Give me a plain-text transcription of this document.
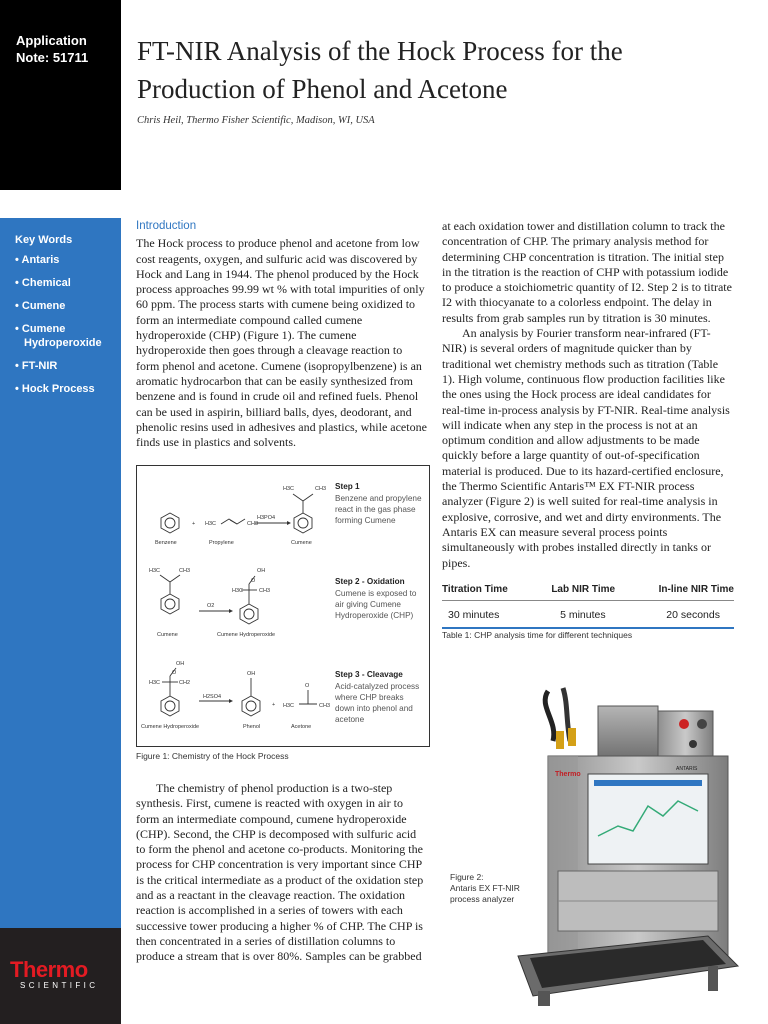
Application
Note: 51711
Key Words
• Antaris
• Chemical
• Cumene
• Cumene
Hydroperoxide
• FT-NIR
• Hock Process
Thermo
SCIENTIFIC
FT-NIR Analysis of the Hock Process for the
Production of Phenol and Acetone
Chris Heil, Thermo Fisher Scientific, Madison, WI, USA
Introduction

The Hock process to produce phenol and acetone from low cost reagents, oxygen, and sulfuric acid was discovered by Hock and Lang in 1944. The phenol produced by the Hock process approaches 99.99 wt % with total impurities of only 60 ppm. The process starts with cumene being oxidized to form an intermediate compound called cumene hydroperoxide (CHP) (Figure 1). The cumene hydroperoxide then goes through a cleavage reaction to form phenol and acetone. Cumene (isopropylbenzene) is an aromatic hydrocarbon that can be easily synthesized from benzene and is found in crude oil and refined fuels. Phenol can be used in aspirin, billiard balls, dyes, deodorant, and phenolic resins used in adhesives and plastics, while acetone finds use in plastics and solvents.

Benzene
+ H3C	CH3
Propylene
H3PO4
H3C	CH3
Cumene
H3C	CH3
Cumene
O2
OH
O
H3C	CH3
Cumene Hydroperoxide
OH
O
H3C	CH2
Cumene Hydroperoxide
H2SO4
OH
Phenol
+ H3C	CH3
O
Acetone
Step 1
Benzene and propylene
react in the gas phase
forming Cumene
Step 2 - Oxidation
Cumene is exposed to
air giving Cumene
Hydroperoxide (CHP)
Step 3 - Cleavage
Acid-catalyzed process
where CHP breaks
down into phenol and
acetone
Figure 1: Chemistry of the Hock Process

The chemistry of phenol production is a two-step synthesis. First, cumene is reacted with oxygen in air to form an intermediate compound, cumene hydroperoxide (CHP). Second, the CHP is decomposed with sulfuric acid to form the phenol and acetone co-products. Monitoring the process for CHP concentration is very important since CHP is the critical intermediate as a product of the oxidation step and as a reactant in the cleavage reaction. The oxidation reaction is accomplished in a series of towers with each successive tower producing a higher % of CHP. The CHP is then concentrated in a series of distillation columns to produce a stream that is over 80%. Samples can be grabbed

at each oxidation tower and distillation column to track the concentration of CHP. The primary analysis method for determining CHP concentration is titration. The initial step in the titration is the reaction of CHP with potassium iodide to produce a stoichiometric quantity of I2. Step 2 is to titrate I2 with thiocyanate to a colorless endpoint. The delay in results from grab samples run by titration is 30 minutes.

An analysis by Fourier transform near-infrared (FT-NIR) is several orders of magnitude quicker than by traditional wet chemistry methods such as titration (Table 1). High volume, continuous flow production facilities like the ones using the Hock process are ideal candidates for real-time in-process analysis by FT-NIR. Real-time analysis will indicate when any step in the process is not at an optimum condition and allow adjustments to be made quickly before a large quantity of out-of-specification material is produced. Due to its hazard-certified enclosure, the Thermo Scientific Antaris™ EX FT-NIR process analyzer (Figure 2) is well suited for real-time analysis in explosive, corrosive, and wet and dirty environments. The Antaris EX can measure several process points simultaneously with probes installed directly in tanks or pipes.

Titration Time	Lab NIR Time	In-line NIR Time
30 minutes	5 minutes	20 seconds
Table 1: CHP analysis time for different techniques
Figure 2:
Antaris EX FT-NIR
process analyzer
Thermo
ANTARIS
